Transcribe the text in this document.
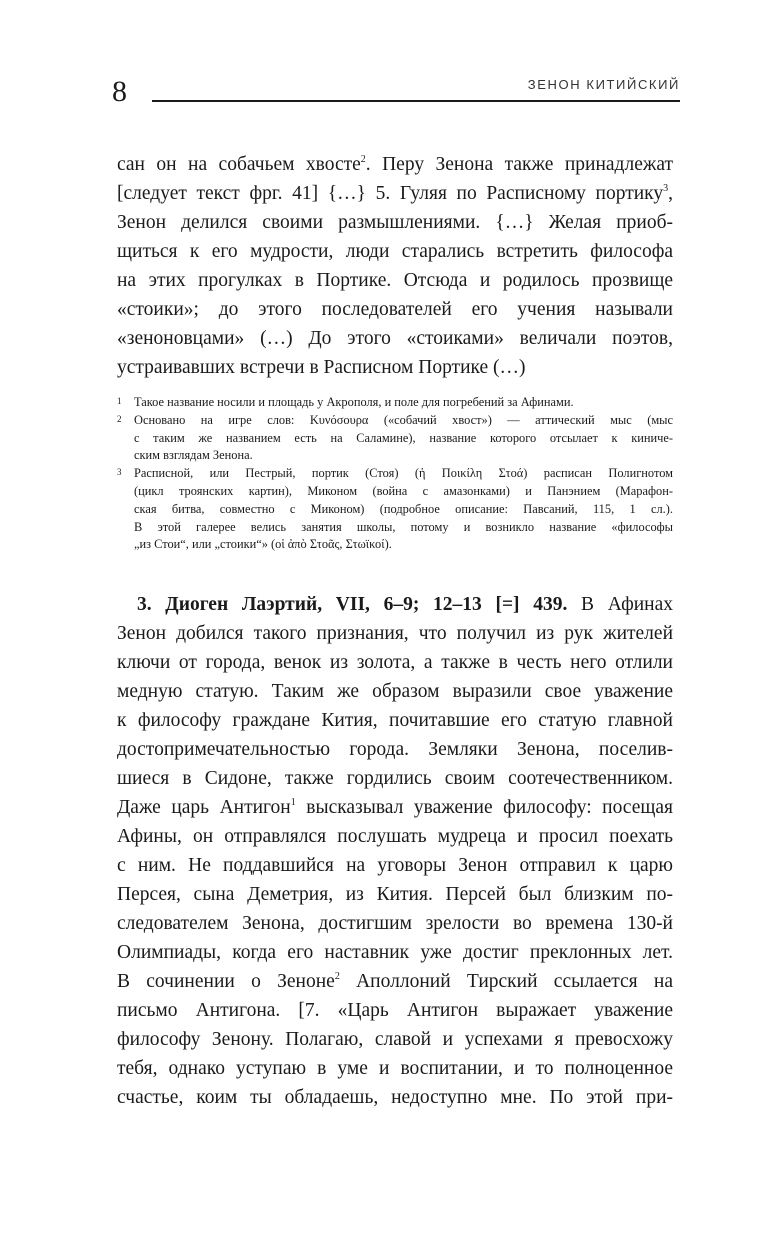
8	ЗЕНОН КИТИЙСКИЙ
сан он на собачьем хвосте$^2$. Перу Зенона также принадлежат
[следует текст фрг. 41] {…} 5. Гуляя по Расписному портику$^3$,
Зенон делился своими размышлениями. {…} Желая приоб-
щиться к его мудрости, люди старались встретить философа
на этих прогулках в Портике. Отсюда и родилось прозвище
«стоики»; до этого последователей его учения называли
«зеноновцами» (…) До этого «стоиками» величали поэтов,
устраивавших встречи в Расписном Портике (…)
1 Такое название носили и площадь у Акрополя, и поле для погребений за Афинами.
2 Основано на игре слов: Κυνόσουρα («собачий хвост») — аттический мыс (мыс
с таким же названием есть на Саламине), название которого отсылает к киниче-
ским взглядам Зенона.
3 Расписной, или Пестрый, портик (Стоя) (ἡ Ποικίλη Στοά) расписан Полигнотом
(цикл троянских картин), Миконом (война с амазонками) и Панэнием (Марафон-
ская битва, совместно с Миконом) (подробное описание: Павсаний, 115, 1 сл.).
В этой галерее велись занятия школы, потому и возникло название «философы
„из Стои“, или „стоики“» (οἱ ἀπὸ Στοᾶς, Στωϊκοί).
3. Диоген Лаэртий, VII, 6–9; 12–13 [=] 439. В Афинах
Зенон добился такого признания, что получил из рук жителей
ключи от города, венок из золота, а также в честь него отлили
медную статую. Таким же образом выразили свое уважение
к философу граждане Кития, почитавшие его статую главной
достопримечательностью города. Земляки Зенона, поселив-
шиеся в Сидоне, также гордились своим соотечественником.
Даже царь Антигон$^1$ высказывал уважение философу: посещая
Афины, он отправлялся послушать мудреца и просил поехать
с ним. Не поддавшийся на уговоры Зенон отправил к царю
Персея, сына Деметрия, из Кития. Персей был близким по-
следователем Зенона, достигшим зрелости во времена 130-й
Олимпиады, когда его наставник уже достиг преклонных лет.
В сочинении о Зеноне$^2$ Аполлоний Тирский ссылается на
письмо Антигона. [7. «Царь Антигон выражает уважение
философу Зенону. Полагаю, славой и успехами я превосхожу
тебя, однако уступаю в уме и воспитании, и то полноценное
счастье, коим ты обладаешь, недоступно мне. По этой при-
